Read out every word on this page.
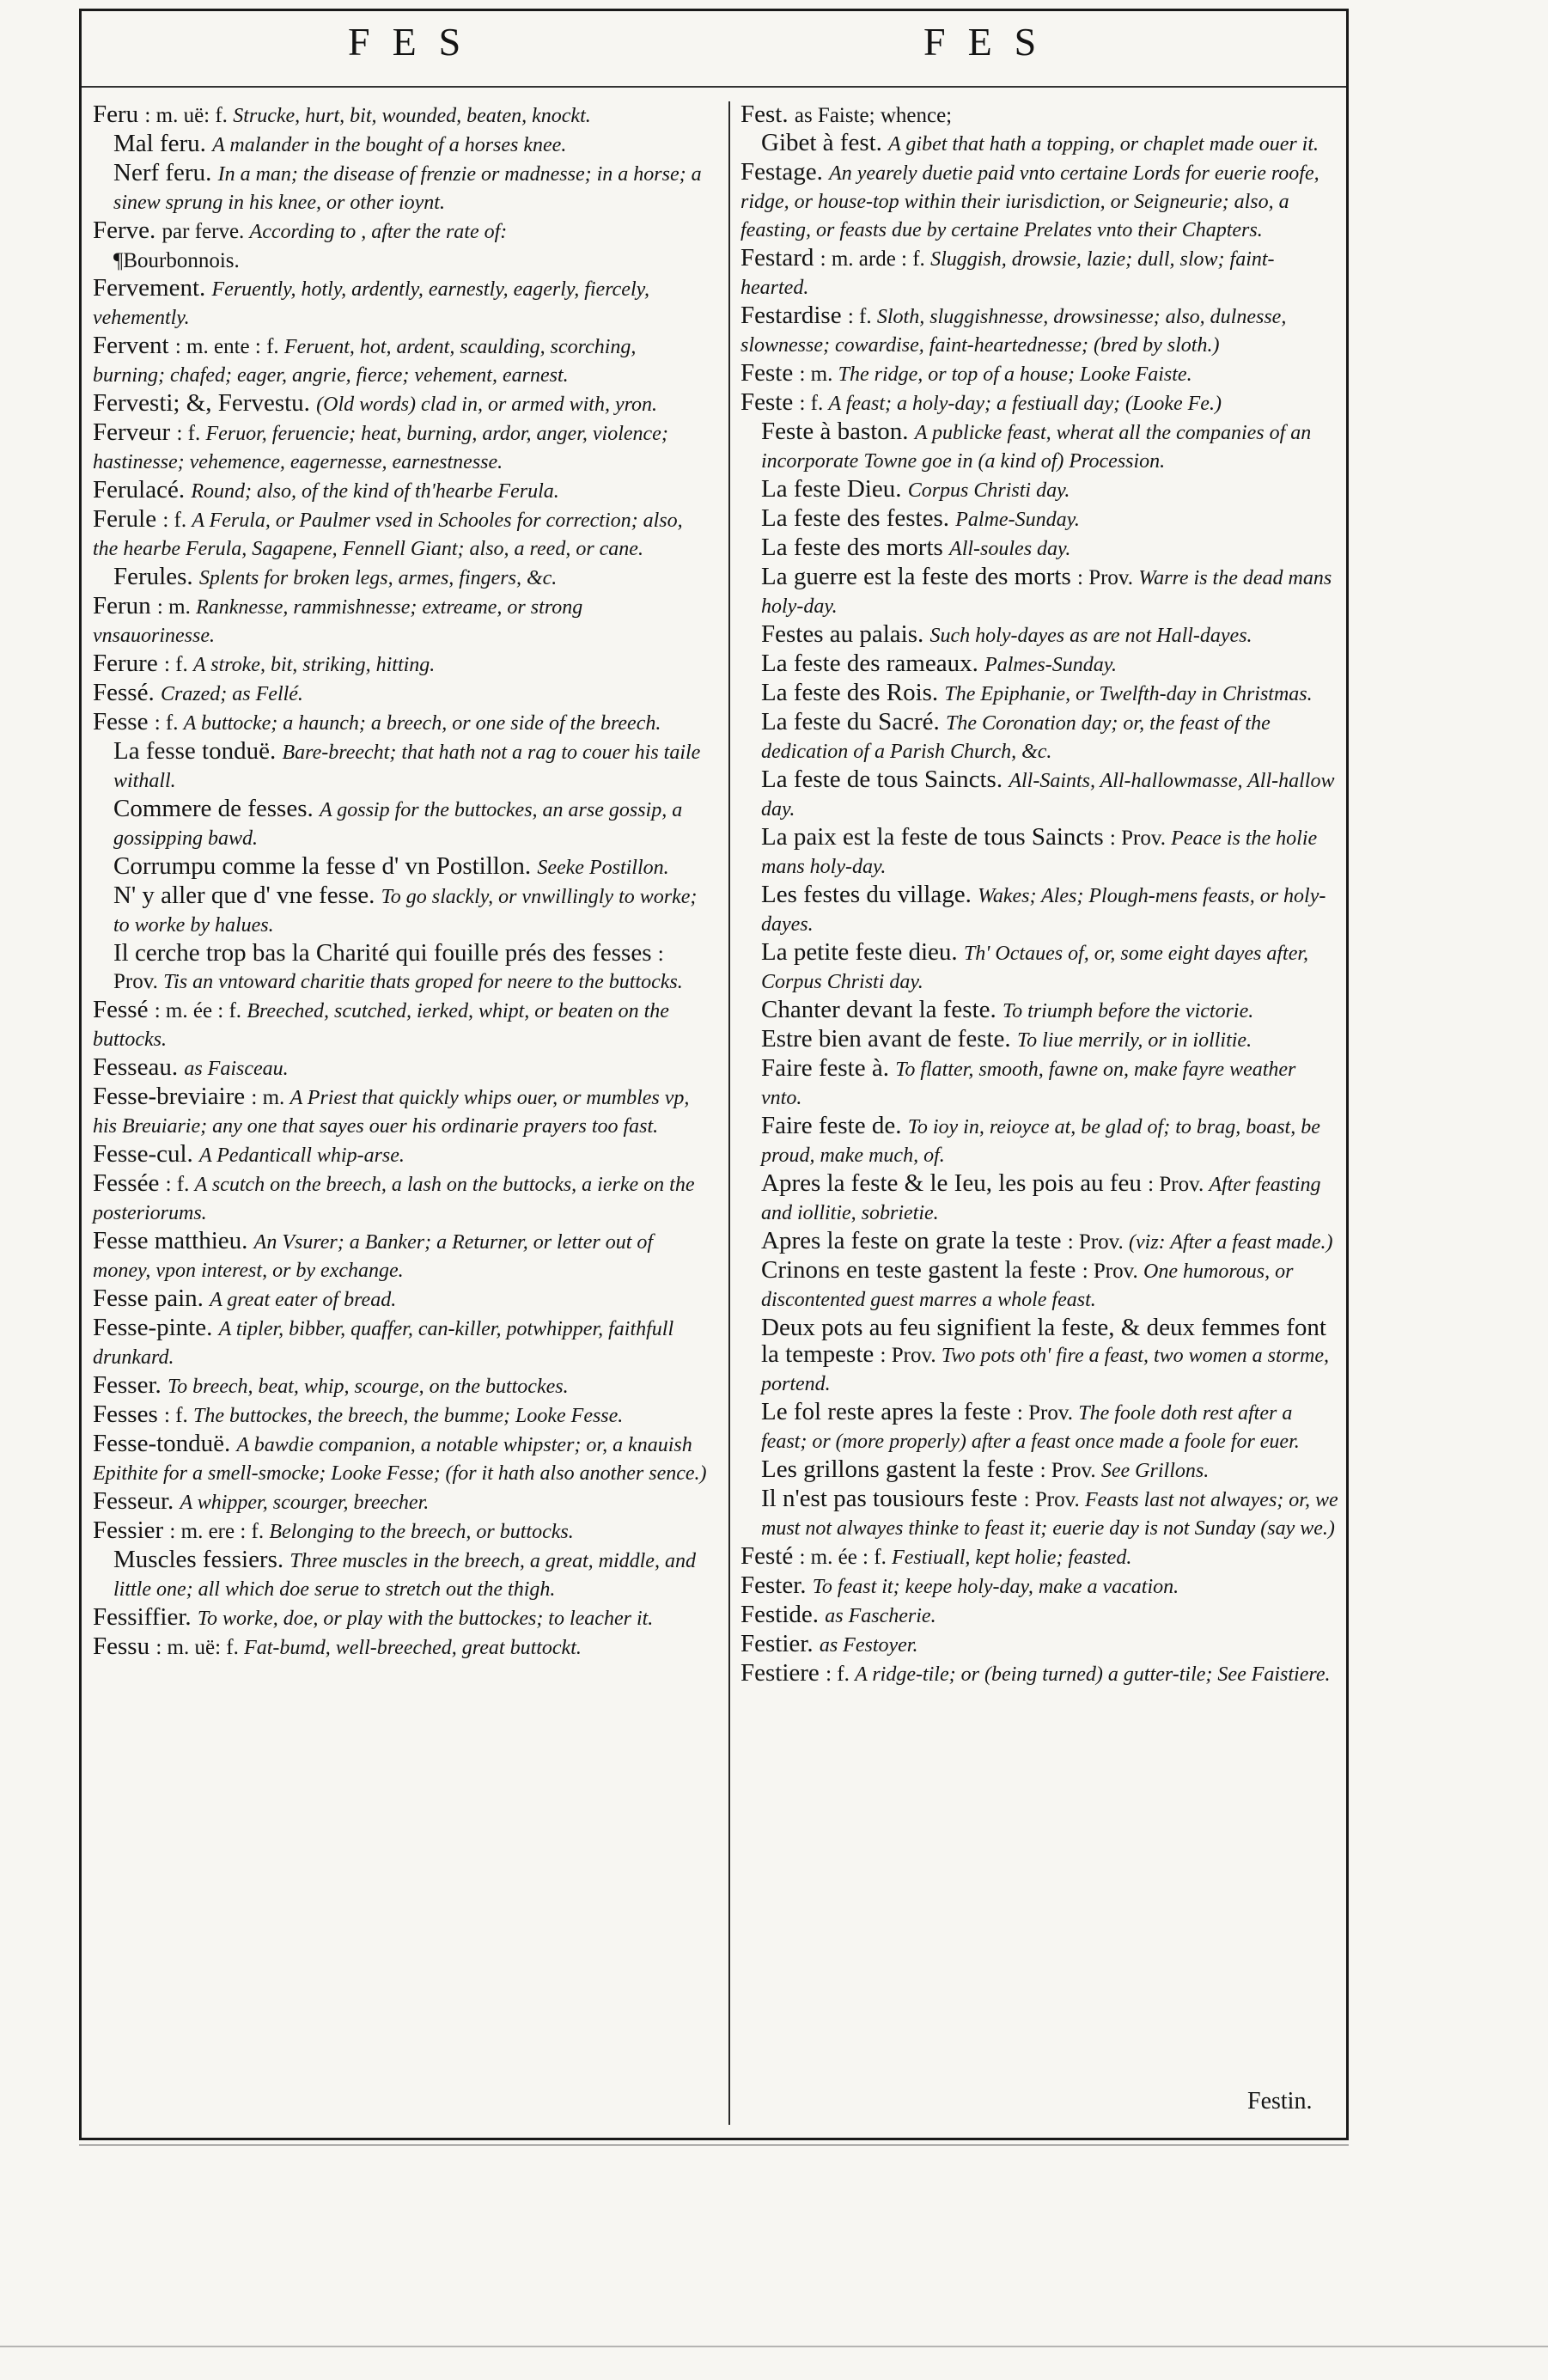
FES	FES
Feru : m. uë: f. Strucke, hurt, bit, wounded, beaten, knockt.
Mal feru. A malander in the bought of a horses knee.
Nerf feru. In a man; the disease of frenzie or madnesse; in a horse; a sinew sprung in his knee, or other ioynt.
Ferve. par ferve. According to , after the rate of:
¶Bourbonnois.
Fervement. Feruently, hotly, ardently, earnestly, eagerly, fiercely, vehemently.
Fervent : m. ente : f. Feruent, hot, ardent, scaulding, scorching, burning; chafed; eager, angrie, fierce; vehement, earnest.
Fervesti; &, Fervestu. (Old words) clad in, or armed with, yron.
Ferveur : f. Feruor, feruencie; heat, burning, ardor, anger, violence; hastinesse; vehemence, eagernesse, earnestnesse.
Ferulacé. Round; also, of the kind of th'hearbe Ferula.
Ferule : f. A Ferula, or Paulmer vsed in Schooles for correction; also, the hearbe Ferula, Sagapene, Fennell Giant; also, a reed, or cane.
Ferules. Splents for broken legs, armes, fingers, &c.
Ferun : m. Ranknesse, rammishnesse; extreame, or strong vnsauorinesse.
Ferure : f. A stroke, bit, striking, hitting.
Fessé. Crazed; as Fellé.
Fesse : f. A buttocke; a haunch; a breech, or one side of the breech.
La fesse tonduë. Bare-breecht; that hath not a rag to couer his taile withall.
Commere de fesses. A gossip for the buttockes, an arse gossip, a gossipping bawd.
Corrumpu comme la fesse d' vn Postillon. Seeke Postillon.
N' y aller que d' vne fesse. To go slackly, or vnwillingly to worke; to worke by halues.
Il cerche trop bas la Charité qui fouille prés des fesses : Prov. Tis an vntoward charitie thats groped for neere to the buttocks.
Fessé : m. ée : f. Breeched, scutched, ierked, whipt, or beaten on the buttocks.
Fesseau. as Faisceau.
Fesse-breviaire : m. A Priest that quickly whips ouer, or mumbles vp, his Breuiarie; any one that sayes ouer his ordinarie prayers too fast.
Fesse-cul. A Pedanticall whip-arse.
Fessée : f. A scutch on the breech, a lash on the buttocks, a ierke on the posteriorums.
Fesse matthieu. An Vsurer; a Banker; a Returner, or letter out of money, vpon interest, or by exchange.
Fesse pain. A great eater of bread.
Fesse-pinte. A tipler, bibber, quaffer, can-killer, potwhipper, faithfull drunkard.
Fesser. To breech, beat, whip, scourge, on the buttockes.
Fesses : f. The buttockes, the breech, the bumme; Looke Fesse.
Fesse-tonduë. A bawdie companion, a notable whipster; or, a knauish Epithite for a smell-smocke; Looke Fesse; (for it hath also another sence.)
Fesseur. A whipper, scourger, breecher.
Fessier : m. ere : f. Belonging to the breech, or buttocks.
Muscles fessiers. Three muscles in the breech, a great, middle, and little one; all which doe serue to stretch out the thigh.
Fessiffier. To worke, doe, or play with the buttockes; to leacher it.
Fessu : m. uë: f. Fat-bumd, well-breeched, great buttockt.
Fest. as Faiste; whence;
Gibet à fest. A gibet that hath a topping, or chaplet made ouer it.
Festage. An yearely duetie paid vnto certaine Lords for euerie roofe, ridge, or house-top within their iurisdiction, or Seigneurie; also, a feasting, or feasts due by certaine Prelates vnto their Chapters.
Festard : m. arde : f. Sluggish, drowsie, lazie; dull, slow; faint-hearted.
Festardise : f. Sloth, sluggishnesse, drowsinesse; also, dulnesse, slownesse; cowardise, faint-heartednesse; (bred by sloth.)
Feste : m. The ridge, or top of a house; Looke Faiste.
Feste : f. A feast; a holy-day; a festiuall day; (Looke Fe.)
Feste à baston. A publicke feast, wherat all the companies of an incorporate Towne goe in (a kind of) Procession.
La feste Dieu. Corpus Christi day.
La feste des festes. Palme-Sunday.
La feste des morts All-soules day.
La guerre est la feste des morts : Prov. Warre is the dead mans holy-day.
Festes au palais. Such holy-dayes as are not Hall-dayes.
La feste des rameaux. Palmes-Sunday.
La feste des Rois. The Epiphanie, or Twelfth-day in Christmas.
La feste du Sacré. The Coronation day; or, the feast of the dedication of a Parish Church, &c.
La feste de tous Saincts. All-Saints, All-hallowmasse, All-hallow day.
La paix est la feste de tous Saincts : Prov. Peace is the holie mans holy-day.
Les festes du village. Wakes; Ales; Plough-mens feasts, or holy-dayes.
La petite feste dieu. Th' Octaues of, or, some eight dayes after, Corpus Christi day.
Chanter devant la feste. To triumph before the victorie.
Estre bien avant de feste. To liue merrily, or in iollitie.
Faire feste à. To flatter, smooth, fawne on, make fayre weather vnto.
Faire feste de. To ioy in, reioyce at, be glad of; to brag, boast, be proud, make much, of.
Apres la feste & le Ieu, les pois au feu : Prov. After feasting and iollitie, sobrietie.
Apres la feste on grate la teste : Prov. (viz: After a feast made.)
Crinons en teste gastent la feste : Prov. One humorous, or discontented guest marres a whole feast.
Deux pots au feu signifient la feste, & deux femmes font la tempeste : Prov. Two pots oth' fire a feast, two women a storme, portend.
Le fol reste apres la feste : Prov. The foole doth rest after a feast; or (more properly) after a feast once made a foole for euer.
Les grillons gastent la feste : Prov. See Grillons.
Il n'est pas tousiours feste : Prov. Feasts last not alwayes; or, we must not alwayes thinke to feast it; euerie day is not Sunday (say we.)
Festé : m. ée : f. Festiuall, kept holie; feasted.
Fester. To feast it; keepe holy-day, make a vacation.
Festide. as Fascherie.
Festier. as Festoyer.
Festiere : f. A ridge-tile; or (being turned) a gutter-tile; See Faistiere.
Festin.
